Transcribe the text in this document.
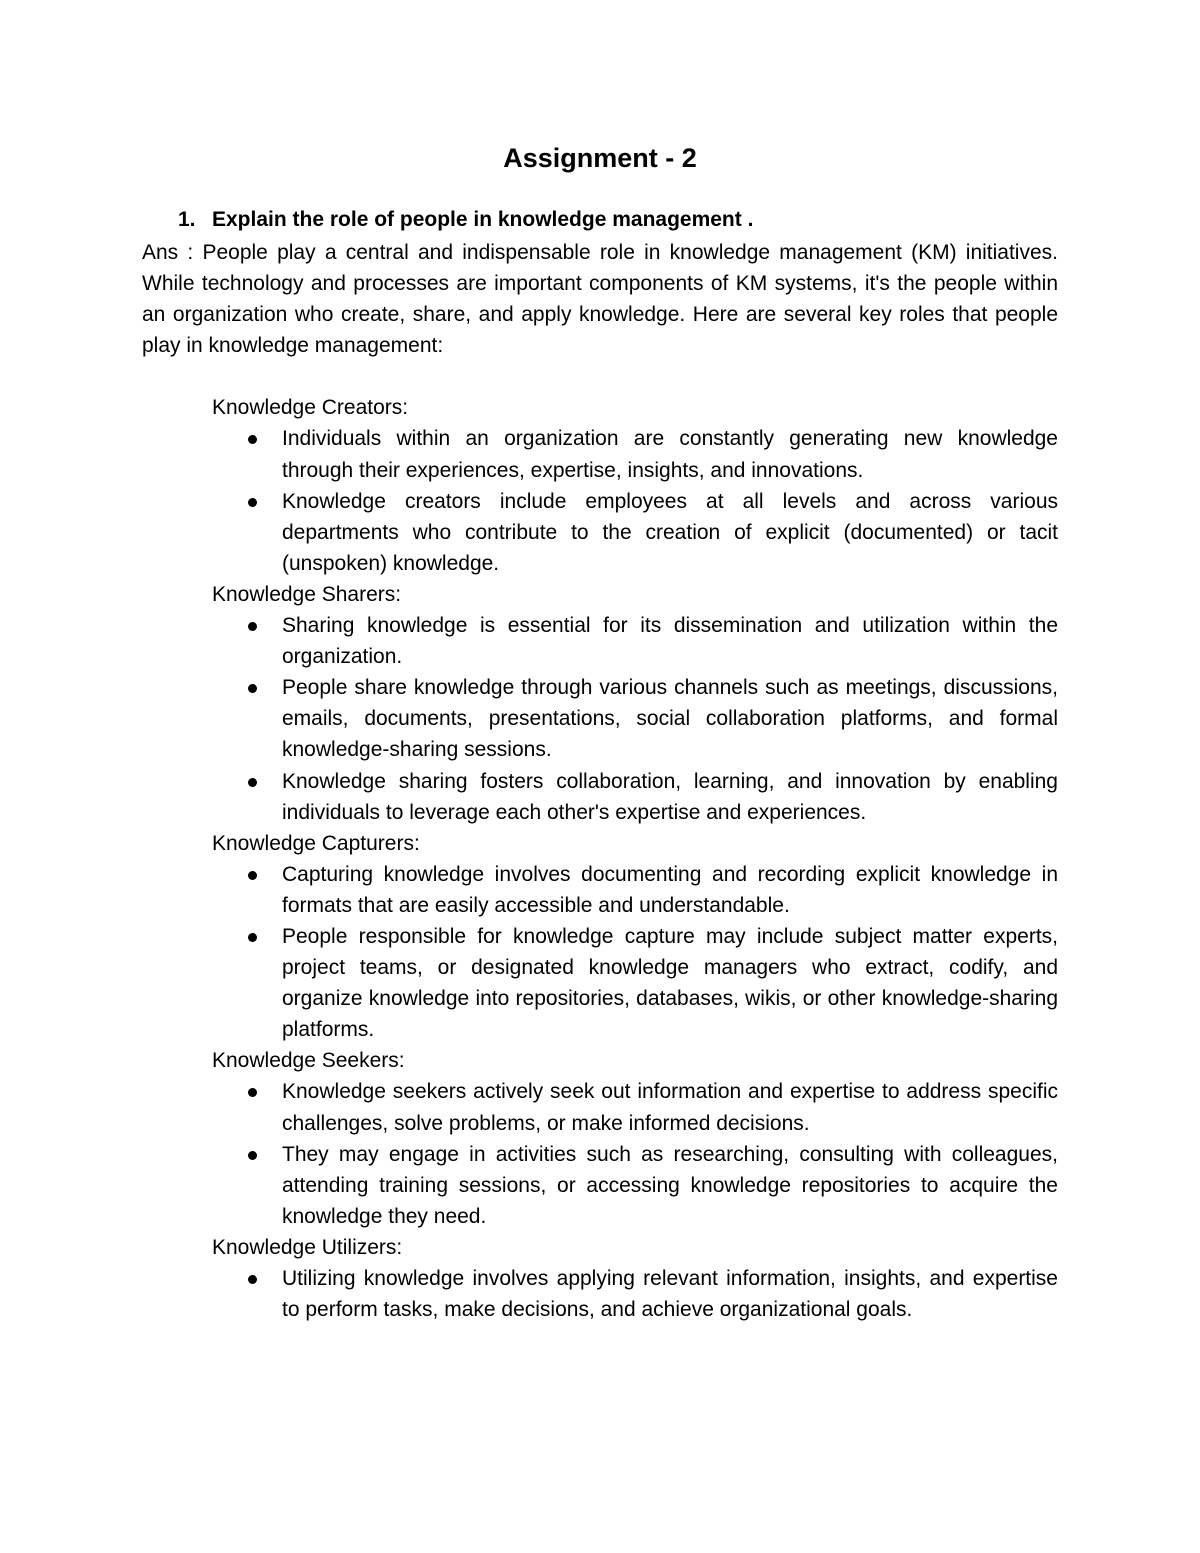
Assignment - 2
1. Explain the role of people in knowledge management .

Ans : People play a central and indispensable role in knowledge management (KM) initiatives. While technology and processes are important components of KM systems, it's the people within an organization who create, share, and apply knowledge. Here are several key roles that people play in knowledge management:

Knowledge Creators:

Individuals within an organization are constantly generating new knowledge through their experiences, expertise, insights, and innovations.
Knowledge creators include employees at all levels and across various departments who contribute to the creation of explicit (documented) or tacit (unspoken) knowledge.

Knowledge Sharers:

Sharing knowledge is essential for its dissemination and utilization within the organization.
People share knowledge through various channels such as meetings, discussions, emails, documents, presentations, social collaboration platforms, and formal knowledge-sharing sessions.
Knowledge sharing fosters collaboration, learning, and innovation by enabling individuals to leverage each other's expertise and experiences.

Knowledge Capturers:

Capturing knowledge involves documenting and recording explicit knowledge in formats that are easily accessible and understandable.
People responsible for knowledge capture may include subject matter experts, project teams, or designated knowledge managers who extract, codify, and organize knowledge into repositories, databases, wikis, or other knowledge-sharing platforms.

Knowledge Seekers:

Knowledge seekers actively seek out information and expertise to address specific challenges, solve problems, or make informed decisions.
They may engage in activities such as researching, consulting with colleagues, attending training sessions, or accessing knowledge repositories to acquire the knowledge they need.

Knowledge Utilizers:

Utilizing knowledge involves applying relevant information, insights, and expertise to perform tasks, make decisions, and achieve organizational goals.
